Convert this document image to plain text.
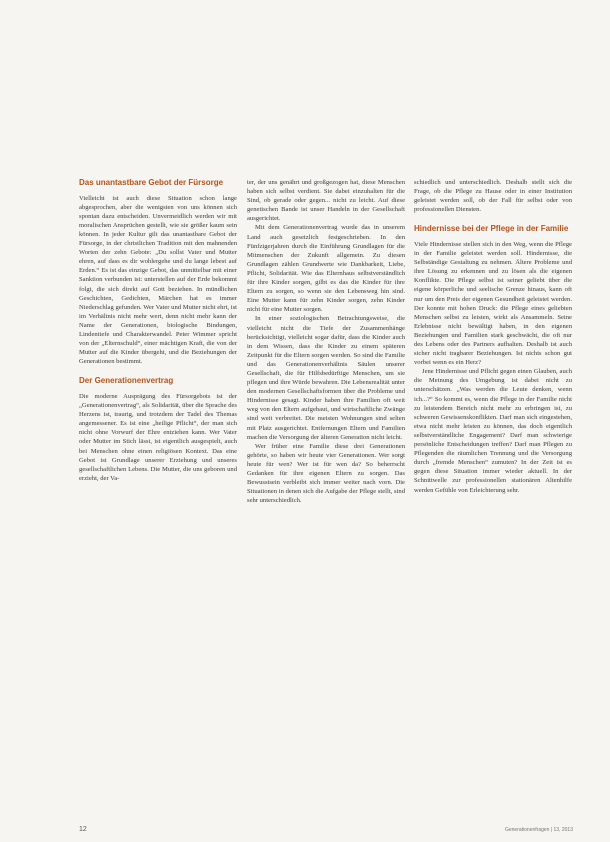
Das unantastbare Gebot der Fürsorge

Vielleicht ist auch diese Situation schon lange abgesprochen, aber die wenigsten von uns können sich spontan dazu entscheiden. Unvermeidlich werden wir mit moralischen Ansprüchen gestellt, wie sie größer kaum sein können. In jeder Kultur gilt das unantastbare Gebot der Fürsorge, in der christlichen Tradition mit den mahnenden Worten der zehn Gebote: „Du sollst Vater und Mutter ehren, auf dass es dir wohlergehe und du lange lebest auf Erden.“ Es ist das einzige Gebot, das unmittelbar mit einer Sanktion verbunden ist: unterstellen auf der Erde bekommt folgt, die sich direkt auf Gott beziehen. In mündlichen Geschichten, Gedichten, Märchen hat es immer Niederschlag gefunden. Wer Vater und Mutter nicht ehrt, ist im Verhältnis nicht mehr wert, denn nicht mehr kann der Name der Generationen, biologische Bindungen, Lindentiefe und Charakterwandel. Peter Wimmer spricht von der „Elternschuld“, einer mächtigen Kraft, die von der Mutter auf die Kinder übergeht, und die Beziehungen der Generationen bestimmt.

Der Generationenvertrag

Die moderne Ausprägung des Fürsorgebots ist der „Generationenvertrag“, als Solidarität, über die Sprache des Herzens ist, traurig, und trotzdem der Tadel des Themas angemessener. Es ist eine „heilige Pflicht“, der man sich nicht ohne Vorwurf der Ehre entziehen kann. Wer Vater oder Mutter im Stich lässt, ist eigentlich ausgespielt, auch bei Menschen ohne einen religiösen Kontext. Das eine Gebot ist Grundlage unserer Erziehung und unseres gesellschaftlichen Lebens. Die Mutter, die uns geboren und erzieht, der Va-

ter, der uns genährt und großgezogen hat, diese Menschen haben sich selbst verdient. Sie dabei einzuhalten für die Sind, ob gerade oder gegen... nicht zu leicht. Auf diese genetischen Bande ist unser Handeln in der Gesellschaft ausgerichtet.

Mit dem Generationenvertrag wurde das in unserem Land auch gesetzlich festgeschrieben. In den Fünfzigerjahren durch die Einführung Grundlagen für die Mitmenschen der Zukunft allgemein. Zu diesen Grundlagen zählen Grundwerte wie Dankbarkeit, Liebe, Pflicht, Solidarität. Wie das Elternhaus selbstverständlich für ihre Kinder sorgen, gilbt es das die Kinder für ihre Eltern zu sorgen, so wenn sie den Lebensweg hin sind. Eine Mutter kann für zehn Kinder sorgen, zehn Kinder nicht für eine Mutter sorgen.

In einer soziologischen Betrachtungsweise, die vielleicht nicht die Tiefe der Zusammenhänge berücksichtigt, vielleicht sogar dafür, dass die Kinder auch in dem Wissen, dass die Kinder zu einem späteren Zeitpunkt für die Eltern sorgen werden. So sind die Familie und das Generationenverhältnis Säulen unserer Gesellschaft, die für Hilfsbedürftige Menschen, um sie pflegen und ihre Würde bewahren. Die Lebensrealität unter den modernen Gesellschaftsformen über die Probleme und Hindernisse gesagt. Kinder haben ihre Familien oft weit weg von den Eltern aufgebaut, und wirtschaftliche Zwänge sind weit verbreitet. Die meisten Wohnungen sind selten mit Platz ausgerichtet. Entfernungen Eltern und Familien machen die Versorgung der älteren Generation nicht leicht.

Wer früher eine Familie diese drei Generationen gehörte, so haben wir heute vier Generationen. Wer sorgt heute für wen? Wer ist für wen da? So beherrscht Gedanken für ihre eigenen Eltern zu sorgen. Das Bewusstsein verbleibt sich immer weiter nach vorn. Die Situationen in denen sich die Aufgabe der Pflege stellt, sind sehr unterschiedlich.

schiedlich und unterschiedlich. Deshalb stellt sich die Frage, ob die Pflege zu Hause oder in einer Institution geleistet werden soll, ob der Fall für selbst oder von professionellen Diensten.

Hindernisse bei der Pflege in der Familie

Viele Hindernisse stellen sich in den Weg, wenn die Pflege in der Familie geleistet werden soll. Hindernisse, die Selbständige Gestaltung zu nehmen. Ältere Probleme und ihre Lösung zu erkennen und zu lösen als die eigenen Konflikte. Die Pflege selbst ist seiner geliebt über die eigene körperliche und seelische Grenze hinaus, kann oft nur um den Preis der eigenen Gesundheit geleistet werden. Der konnte mit hohen Druck: die Pflege eines geliebten Menschen selbst zu leisten, wirkt als Ansammeln. Seine Erlebnisse nicht bewältigt haben, in den eigenen Beziehungen und Familien stark geschwächt, die oft nur des Lebens oder des Partners aufhalten. Deshalb ist auch sicher nicht tragbarer Beziehungen. Ist nichts schon gut vorbei wenn es ein Herz?

Jene Hindernisse und Pflicht gegen einen Glauben, auch die Meinung des Umgebung ist dabei nicht zu unterschätzen. „Was werden die Leute denken, wenn ich...?“ So kommt es, wenn die Pflege in der Familie nicht zu leistendem Bereich nicht mehr zu erbringen ist, zu schweren Gewissenskonflikten. Darf man sich eingestehen, etwa nicht mehr leisten zu können, das doch eigentlich selbstverständliche Engagement? Darf man schwierige persönliche Entscheidungen treffen? Darf man Pflegen zu Pflegenden die räumlichen Trennung und die Versorgung durch „fremde Menschen“ zumuten? In der Zeit ist es gegen diese Situation immer wieder aktuell. In der Schnittwelle zur professionellen stationären Altenhilfe werden Gefühle von Erleichterung sehr.

12	Generationenfragen | 13, 2013
